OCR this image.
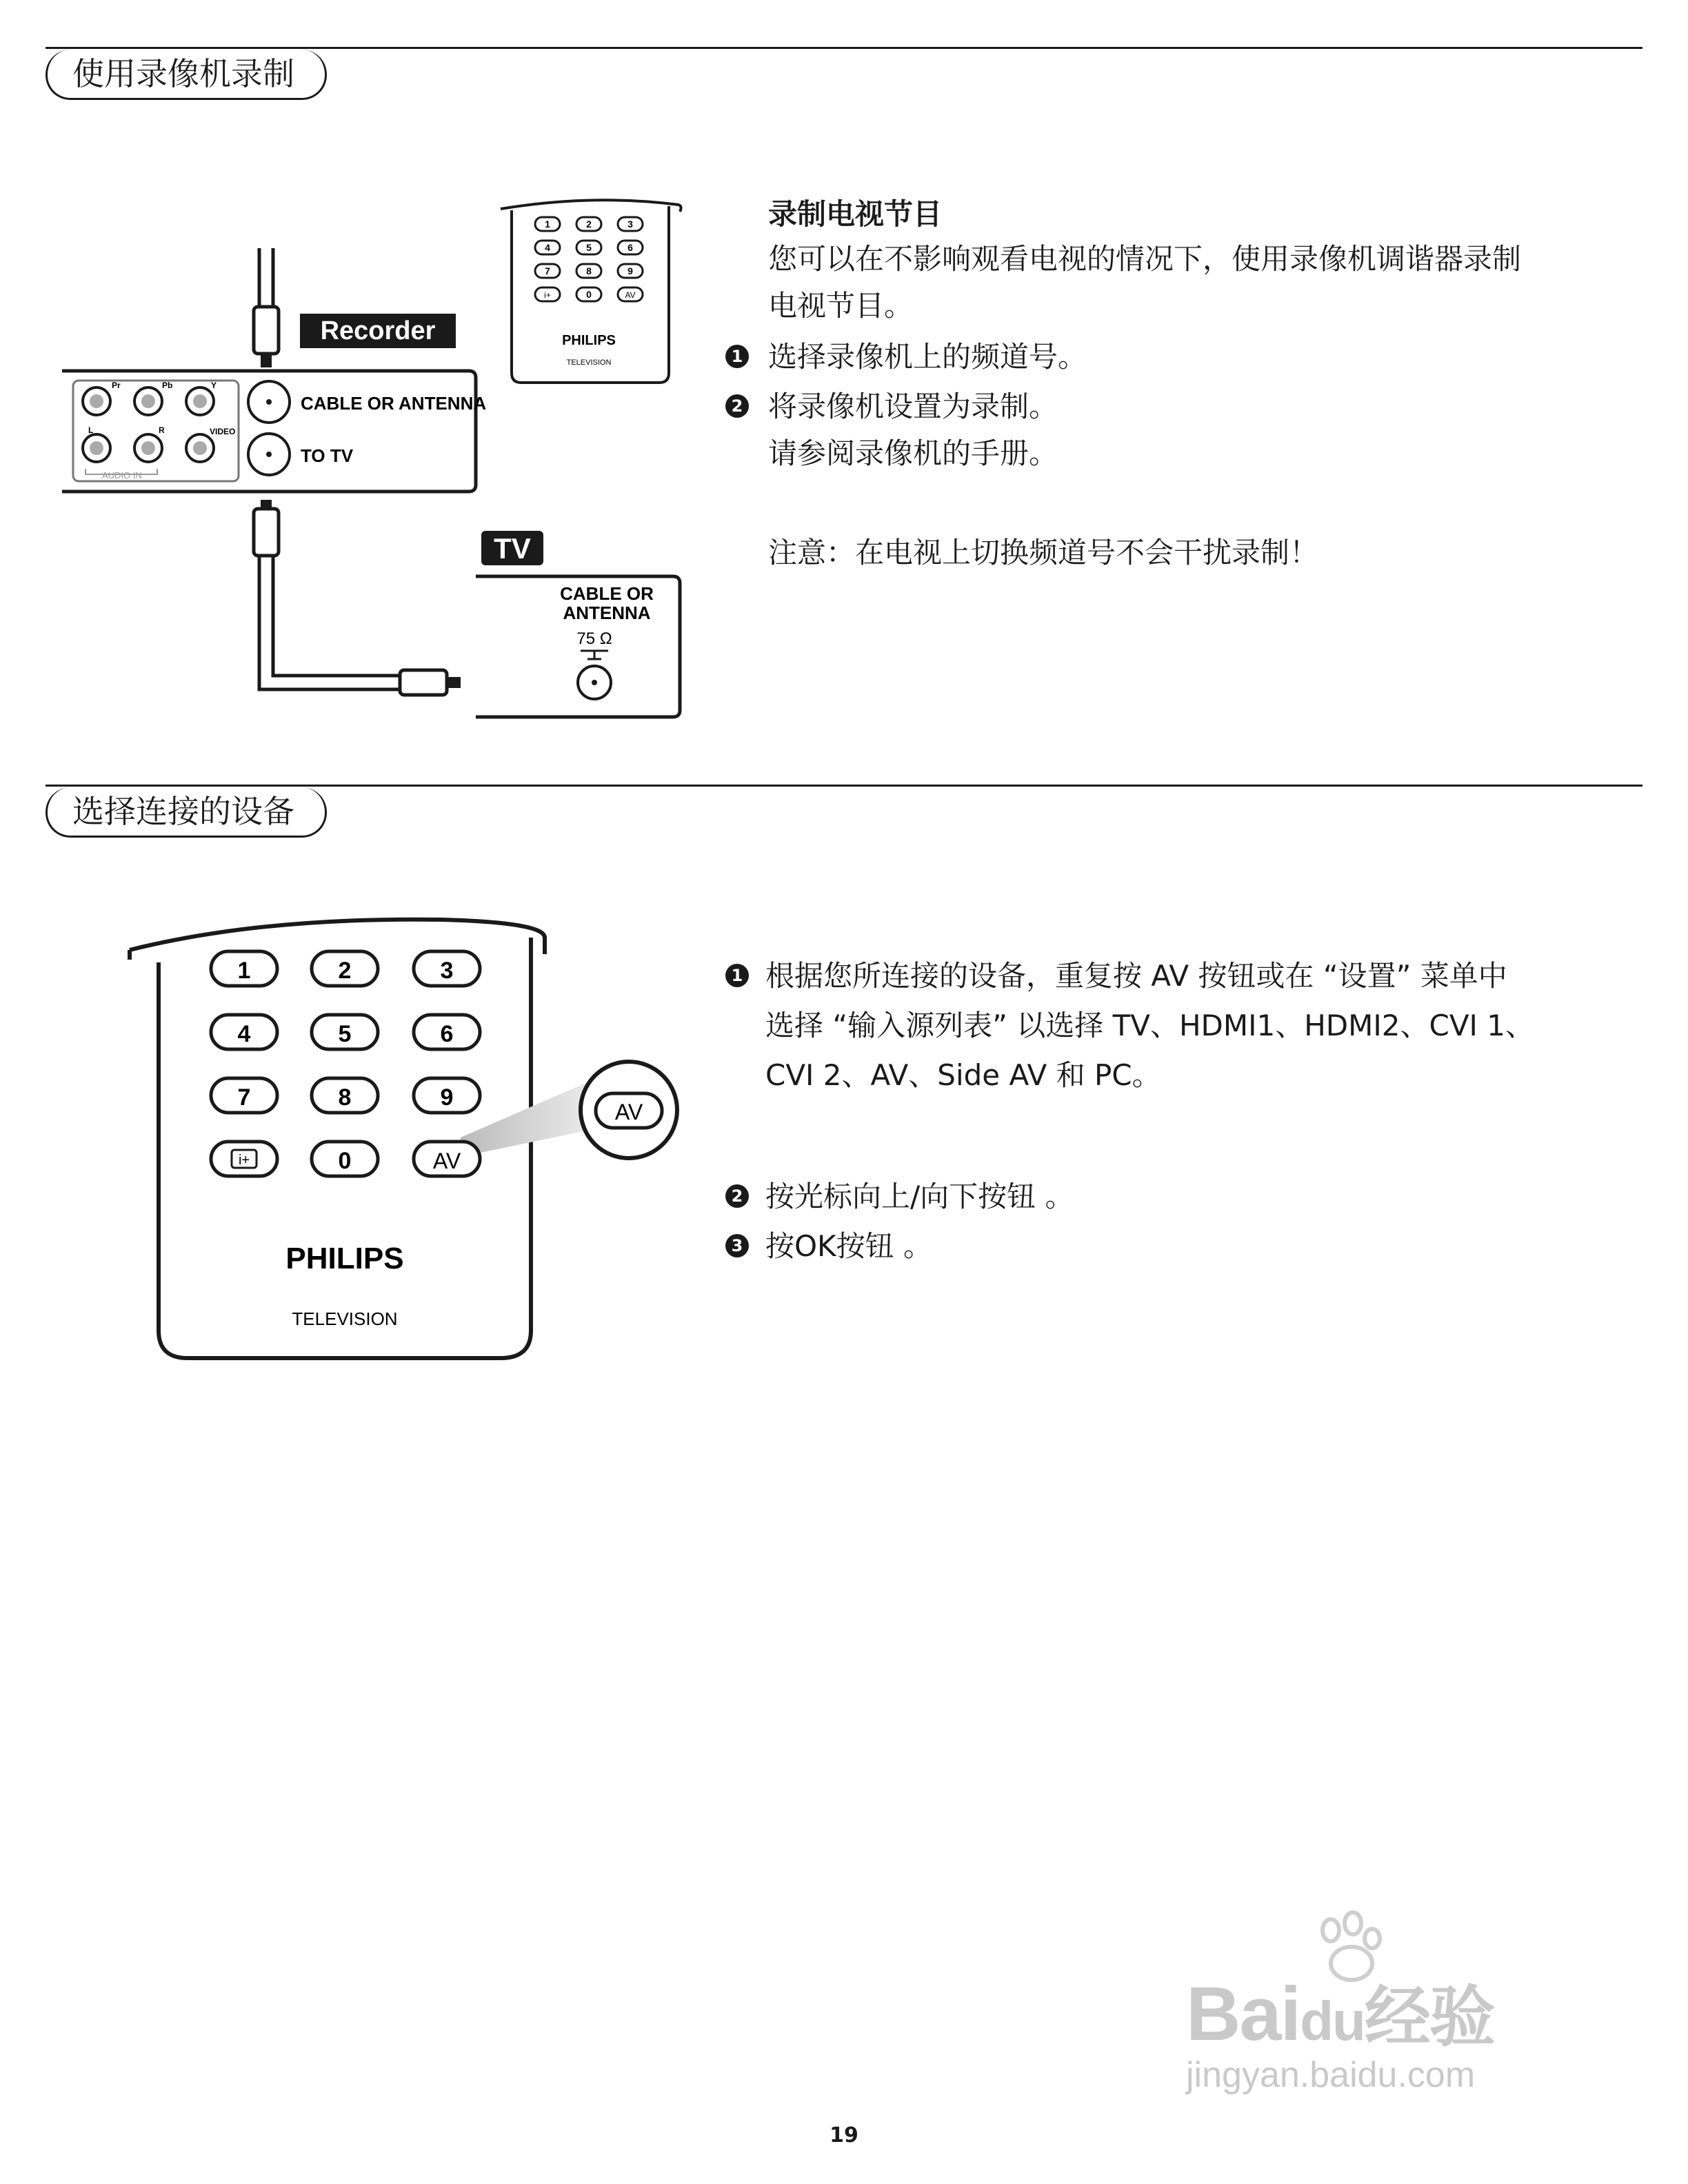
使用录像机录制
Recorder
Pr	Pb	Y
L	R	VIDEO
AUDIO IN
CABLE OR ANTENNA
TO TV
TV
CABLE OR
ANTENNA
75 Ω
1	2	3
4	5	6
7	8	9
i+	0	AV
PHILIPS
TELEVISION
录制电视节目
您可以在不影响观看电视的情况下，使用录像机调谐器录制
电视节目。
1 选择录像机上的频道号。
2 将录像机设置为录制。
请参阅录像机的手册。
注意：在电视上切换频道号不会干扰录制！
选择连接的设备
1	2	3
4	5	6
7	8	9
i+	0	AV
AV
PHILIPS
TELEVISION
1 根据您所连接的设备，重复按 AV 按钮或在 “设置” 菜单中
选择 “输入源列表” 以选择 TV、HDMI1、HDMI2、CVI 1、
CVI 2、AV、Side AV 和 PC。
2 按光标向上/向下按钮 。
3 按OK按钮 。
Baidu经验
jingyan.baidu.com
19
